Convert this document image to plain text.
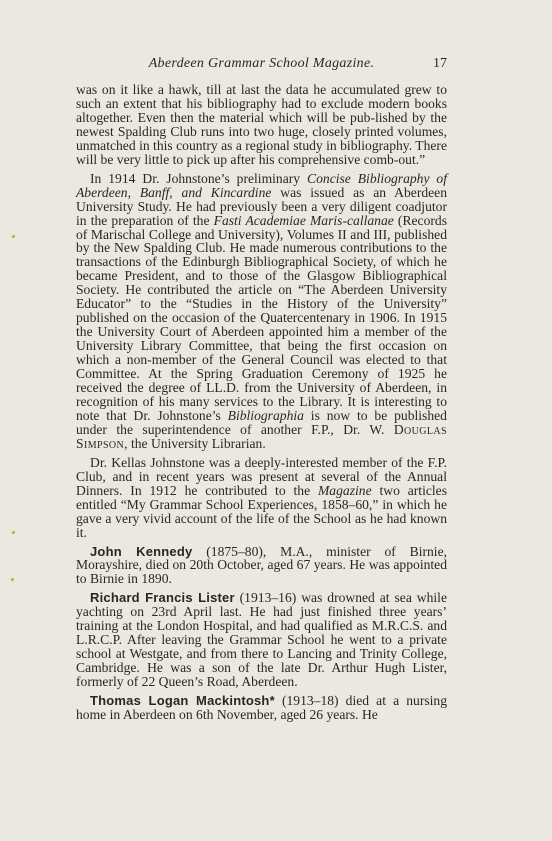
Aberdeen Grammar School Magazine.	17

was on it like a hawk, till at last the data he accumulated grew to such an extent that his bibliography had to exclude modern books altogether. Even then the material which will be pub-lished by the newest Spalding Club runs into two huge, closely printed volumes, unmatched in this country as a regional study in bibliography. There will be very little to pick up after his comprehensive comb-out.”

In 1914 Dr. Johnstone’s preliminary Concise Bibliography of Aberdeen, Banff, and Kincardine was issued as an Aberdeen University Study. He had previously been a very diligent coadjutor in the preparation of the Fasti Academiae Maris-callanae (Records of Marischal College and University), Volumes II and III, published by the New Spalding Club. He made numerous contributions to the transactions of the Edinburgh Bibliographical Society, of which he became President, and to those of the Glasgow Bibliographical Society. He contributed the article on “The Aberdeen University Educator” to the “Studies in the History of the University” published on the occasion of the Quatercentenary in 1906. In 1915 the University Court of Aberdeen appointed him a member of the University Library Committee, that being the first occasion on which a non-member of the General Council was elected to that Committee. At the Spring Graduation Ceremony of 1925 he received the degree of LL.D. from the University of Aberdeen, in recognition of his many services to the Library. It is interesting to note that Dr. Johnstone’s Bibliographia is now to be published under the superintendence of another F.P., Dr. W. Douglas Simpson, the University Librarian.

Dr. Kellas Johnstone was a deeply-interested member of the F.P. Club, and in recent years was present at several of the Annual Dinners. In 1912 he contributed to the Magazine two articles entitled “My Grammar School Experiences, 1858–60,” in which he gave a very vivid account of the life of the School as he had known it.

John Kennedy (1875–80), M.A., minister of Birnie, Morayshire, died on 20th October, aged 67 years. He was appointed to Birnie in 1890.

Richard Francis Lister (1913–16) was drowned at sea while yachting on 23rd April last. He had just finished three years’ training at the London Hospital, and had qualified as M.R.C.S. and L.R.C.P. After leaving the Grammar School he went to a private school at Westgate, and from there to Lancing and Trinity College, Cambridge. He was a son of the late Dr. Arthur Hugh Lister, formerly of 22 Queen’s Road, Aberdeen.

Thomas Logan Mackintosh* (1913–18) died at a nursing home in Aberdeen on 6th November, aged 26 years. He
